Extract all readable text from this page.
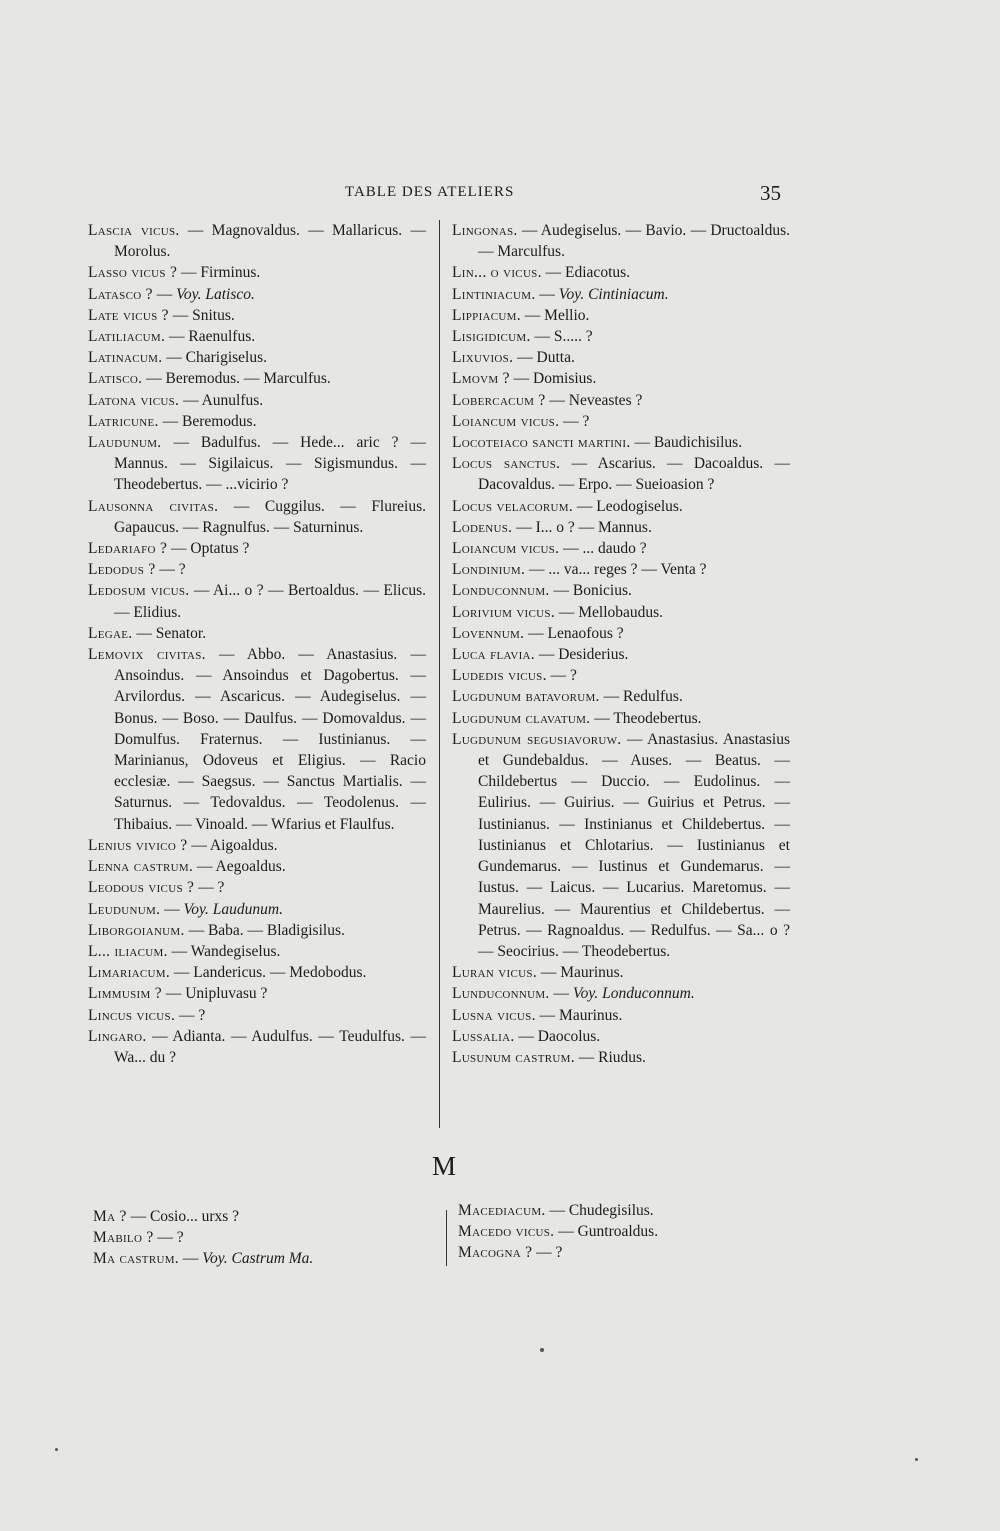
TABLE DES ATELIERS	35

Lascia vicus. — Magnovaldus. — Mallaricus. — Morolus.

Lasso vicus ? — Firminus.

Latasco ? — Voy. Latisco.

Late vicus ? — Snitus.

Latiliacum. — Raenulfus.

Latinacum. — Charigiselus.

Latisco. — Beremodus. — Marculfus.

Latona vicus. — Aunulfus.

Latricune. — Beremodus.

Laudunum. — Badulfus. — Hede... aric ? — Mannus. — Sigilaicus. — Sigismundus. — Theodebertus. — ...vicirio ?

Lausonna civitas. — Cuggilus. — Flureius. Gapaucus. — Ragnulfus. — Saturninus.

Ledariafo ? — Optatus ?

Ledodus ? — ?

Ledosum vicus. — Ai... o ? — Bertoaldus. — Elicus. — Elidius.

Legae. — Senator.

Lemovix civitas. — Abbo. — Anastasius. — Ansoindus. — Ansoindus et Dagobertus. — Arvilordus. — Ascaricus. — Audegiselus. — Bonus. — Boso. — Daulfus. — Domovaldus. — Domulfus. Fraternus. — Iustinianus. — Marinianus, Odoveus et Eligius. — Racio ecclesiæ. — Saegsus. — Sanctus Martialis. — Saturnus. — Tedovaldus. — Teodolenus. — Thibaius. — Vinoald. — Wfarius et Flaulfus.

Lenius vivico ? — Aigoaldus.

Lenna castrum. — Aegoaldus.

Leodous vicus ? — ?

Leudunum. — Voy. Laudunum.

Liborgoianum. — Baba. — Bladigisilus.

L... iliacum. — Wandegiselus.

Limariacum. — Landericus. — Medobodus.

Limmusim ? — Unipluvasu ?

Lincus vicus. — ?

Lingaro. — Adianta. — Audulfus. — Teudulfus. — Wa... du ?

Lingonas. — Audegiselus. — Bavio. — Dructoaldus. — Marculfus.

Lin... o vicus. — Ediacotus.

Lintiniacum. — Voy. Cintiniacum.

Lippiacum. — Mellio.

Lisigidicum. — S..... ?

Lixuvios. — Dutta.

Lmovm ? — Domisius.

Lobercacum ? — Neveastes ?

Loiancum vicus. — ?

Locoteiaco sancti martini. — Baudichisilus.

Locus sanctus. — Ascarius. — Dacoaldus. — Dacovaldus. — Erpo. — Sueioasion ?

Locus velacorum. — Leodogiselus.

Lodenus. — I... o ? — Mannus.

Loiancum vicus. — ... daudo ?

Londinium. — ... va... reges ? — Venta ?

Londuconnum. — Bonicius.

Lorivium vicus. — Mellobaudus.

Lovennum. — Lenaofous ?

Luca flavia. — Desiderius.

Ludedis vicus. — ?

Lugdunum batavorum. — Redulfus.

Lugdunum clavatum. — Theodebertus.

Lugdunum segusiavoruw. — Anastasius. Anastasius et Gundebaldus. — Auses. — Beatus. — Childebertus — Duccio. — Eudolinus. — Eulirius. — Guirius. — Guirius et Petrus. — Iustinianus. — Instinianus et Childebertus. — Iustinianus et Chlotarius. — Iustinianus et Gundemarus. — Iustinus et Gundemarus. — Iustus. — Laicus. — Lucarius. Maretomus. — Maurelius. — Maurentius et Childebertus. — Petrus. — Ragnoaldus. — Redulfus. — Sa... o ? — Seocirius. — Theodebertus.

Luran vicus. — Maurinus.

Lunduconnum. — Voy. Londuconnum.

Lusna vicus. — Maurinus.

Lussalia. — Daocolus.

Lusunum castrum. — Riudus.

M

Ma ? — Cosio... urxs ?

Mabilo ? — ?

Ma castrum. — Voy. Castrum Ma.

Macediacum. — Chudegisilus.

Macedo vicus. — Guntroaldus.

Macogna ? — ?
